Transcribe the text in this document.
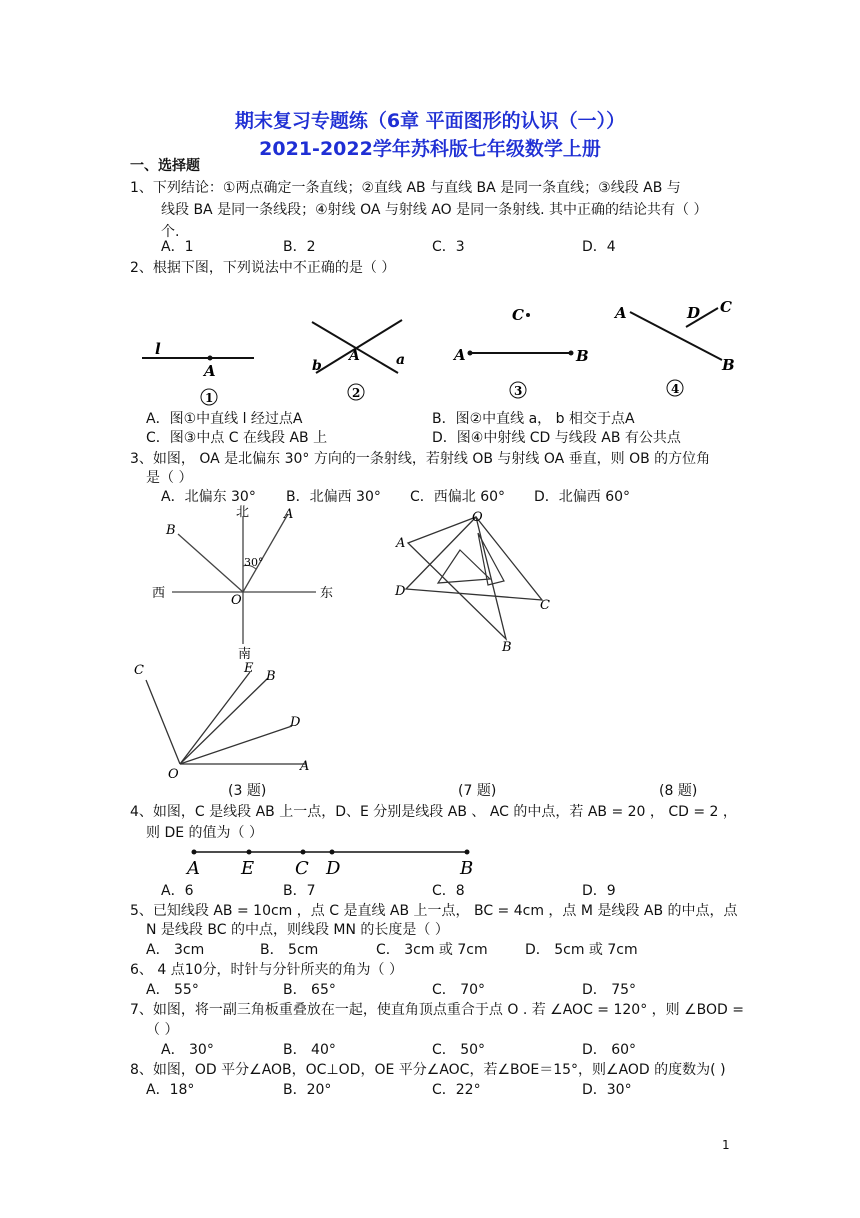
期末复习专题练（6章 平面图形的认识（一））
2021-2022学年苏科版七年级数学上册
一、选择题
1、下列结论：①两点确定一条直线；②直线 AB 与直线 BA 是同一条直线；③线段 AB 与
线段 BA 是同一条线段；④射线 OA 与射线 AO 是同一条射线. 其中正确的结论共有（ ）
个.
A．1	B．2	C．3	D．4
2、根据下图，下列说法中不正确的是（ ）
l
A
1
b
A	a
2
C
A	B
3
A
B
D C
4
A．图①中直线 l 经过点A	B．图②中直线 a， b 相交于点A
C．图③中点 C 在线段 AB 上	D．图④中射线 CD 与线段 AB 有公共点
3、如图， OA 是北偏东 30° 方向的一条射线，若射线 OB 与射线 OA 垂直，则 OB 的方位角
是（ ）
A．北偏东 30° B．北偏西 30° C．西偏北 60° D．北偏西 60°
北
南
西	东
O
A
B
30°
O
A
D
C
B
C	E
B
D
O
A
(3 题)	(7 题)	(8 题)
4、如图，C 是线段 AB 上一点，D、E 分别是线段 AB 、 AC 的中点，若 AB = 20 ， CD = 2 ，
则 DE 的值为（ ）
A E C D	B
A．6	B．7	C．8	D．9
5、已知线段 AB = 10cm ，点 C 是直线 AB 上一点， BC = 4cm ，点 M 是线段 AB 的中点，点
N 是线段 BC 的中点，则线段 MN 的长度是（ ）
A． 3cm	B． 5cm	C． 3cm 或 7cm	D． 5cm 或 7cm
6、 4 点10分，时针与分针所夹的角为（ ）
A． 55°	B． 65°	C． 70°	D． 75°
7、如图，将一副三角板重叠放在一起，使直角顶点重合于点 O . 若 ∠AOC = 120° ，则 ∠BOD =
（ ）
A． 30°	B． 40°	C． 50°	D． 60°
8、如图，OD 平分∠AOB，OC⊥OD，OE 平分∠AOC，若∠BOE＝15°，则∠AOD 的度数为( )
A．18°	B．20°	C．22°	D．30°
1
